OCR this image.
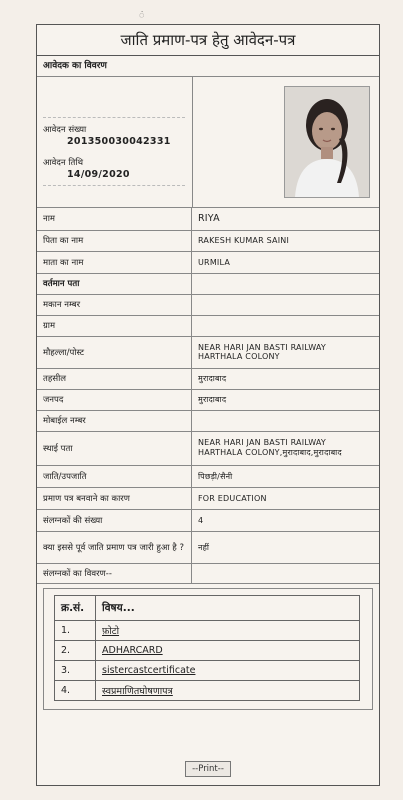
ं
जाति प्रमाण-पत्र हेतु आवेदन-पत्र
आवेदक का विवरण
आवेदन संख्या
201350030042331
आवेदन तिथि
14/09/2020
नाम	RIYA
पिता का नाम	RAKESH KUMAR SAINI
माता का नाम	URMILA
वर्तमान पता	
मकान नम्बर	
ग्राम	
मौहल्ला/पोस्ट	NEAR HARI JAN BASTI RAILWAY HARTHALA COLONY
तहसील	मुरादाबाद
जनपद	मुरादाबाद
मोबाईल नम्बर	
स्थाई पता	NEAR HARI JAN BASTI RAILWAY HARTHALA COLONY,मुरादाबाद,मुरादाबाद
जाति/उपजाति	पिछड़ी/सैनी
प्रमाण पत्र बनवाने का कारण	FOR EDUCATION
संलग्नकों की संख्या	4
क्या इससे पूर्व जाति प्रमाण पत्र जारी हुआ है ?	नहीं
संलग्नकों का विवरण--	
क्र.सं.	विषय...
1.	फ़ोटो
2.	ADHARCARD
3.	sistercastcertificate
4.	स्वप्रमाणितघोषणापत्र
--Print--
